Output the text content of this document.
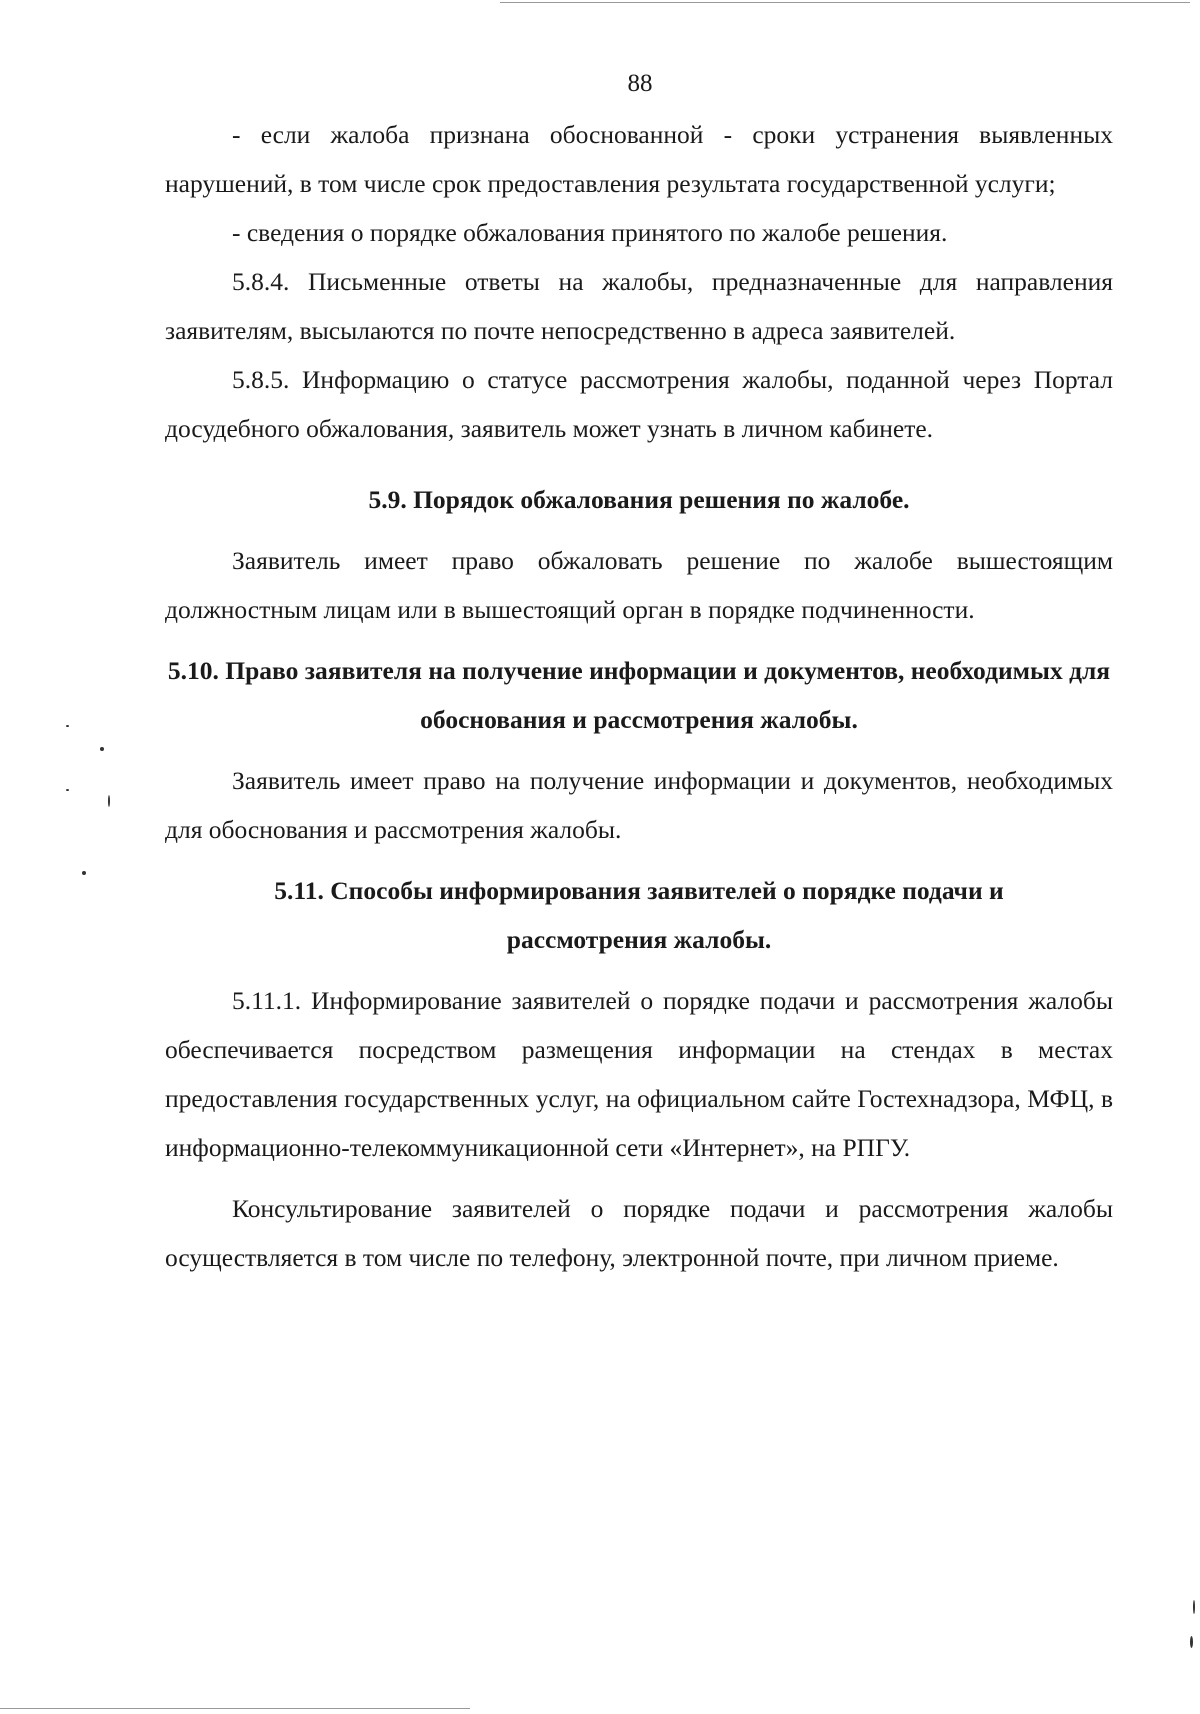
88

- если жалоба признана обоснованной - сроки устранения выявленных нарушений, в том числе срок предоставления результата государственной услуги;

- сведения о порядке обжалования принятого по жалобе решения.

5.8.4. Письменные ответы на жалобы, предназначенные для направления заявителям, высылаются по почте непосредственно в адреса заявителей.

5.8.5. Информацию о статусе рассмотрения жалобы, поданной через Портал досудебного обжалования, заявитель может узнать в личном кабинете.

5.9. Порядок обжалования решения по жалобе.

Заявитель имеет право обжаловать решение по жалобе вышестоящим должностным лицам или в вышестоящий орган в порядке подчиненности.

5.10. Право заявителя на получение информации и документов, необходимых для обоснования и рассмотрения жалобы.

Заявитель имеет право на получение информации и документов, необходимых для обоснования и рассмотрения жалобы.

5.11. Способы информирования заявителей о порядке подачи и
рассмотрения жалобы.

5.11.1. Информирование заявителей о порядке подачи и рассмотрения жалобы обеспечивается посредством размещения информации на стендах в местах предоставления государственных услуг, на официальном сайте Гостехнадзора, МФЦ, в информационно-телекоммуникационной сети «Интернет», на РПГУ.

Консультирование заявителей о порядке подачи и рассмотрения жалобы осуществляется в том числе по телефону, электронной почте, при личном приеме.
